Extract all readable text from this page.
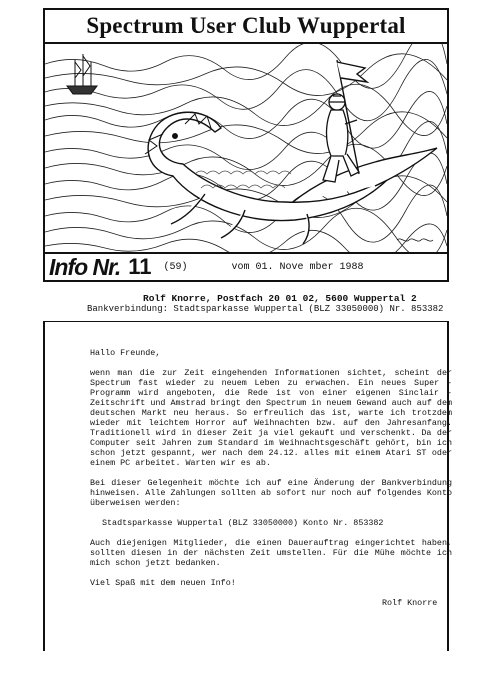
Spectrum User Club Wuppertal
Info Nr. 11 (59)	vom 01. Nove mber 1988
Rolf Knorre, Postfach 20 01 02, 5600 Wuppertal 2
Bankverbindung: Stadtsparkasse Wuppertal (BLZ 33050000) Nr. 853382

Hallo Freunde,

wenn man die zur Zeit eingehenden Informationen sichtet, scheint der Spectrum fast wieder zu neuem Leben zu erwachen. Ein neues Super - Programm wird angeboten, die Rede ist von einer eigenen Sinclair - Zeitschrift und Amstrad bringt den Spectrum in neuem Gewand auch auf dem deutschen Markt neu heraus. So erfreulich das ist, warte ich trotzdem wieder mit leichtem Horror auf Weihnachten bzw. auf den Jahresanfang. Traditionell wird in dieser Zeit ja viel gekauft und verschenkt. Da der Computer seit Jahren zum Standard im Weihnachtsgeschäft gehört, bin ich schon jetzt gespannt, wer nach dem 24.12. alles mit einem Atari ST oder einem PC arbeitet. Warten wir es ab.

Bei dieser Gelegenheit möchte ich auf eine Änderung der Bankverbindung hinweisen. Alle Zahlungen sollten ab sofort nur noch auf folgendes Konto überweisen werden:

Stadtsparkasse Wuppertal (BLZ 33050000) Konto Nr. 853382

Auch diejenigen Mitglieder, die einen Dauerauftrag eingerichtet haben, sollten diesen in der nächsten Zeit umstellen. Für die Mühe möchte ich mich schon jetzt bedanken.

Viel Spaß mit dem neuen Info!

Rolf Knorre
